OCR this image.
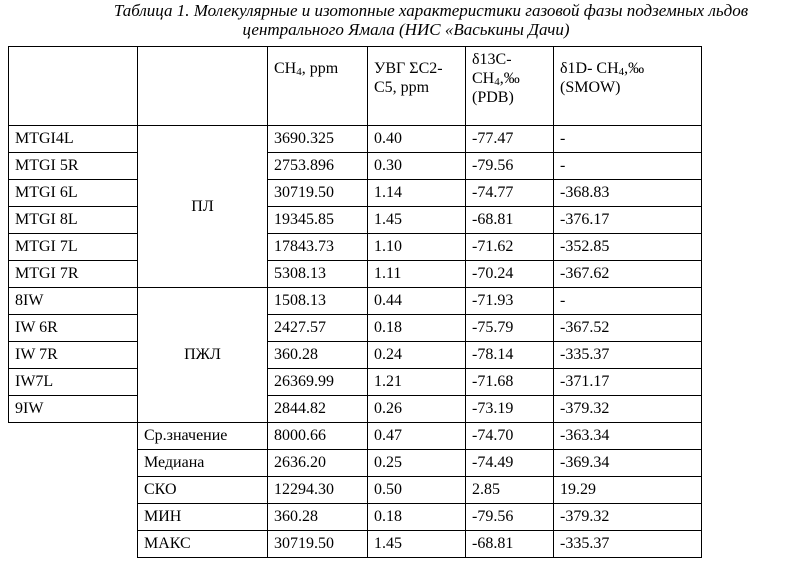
Таблица 1. Молекулярные и изотопные характеристики газовой фазы подземных льдов
центрального Ямала (НИС «Васькины Дачи)
		$CH_4$, ppm	УВГ ΣС2-С5, ppm	$\delta 13C-CH_4,‰$ (PDB)	δ1D- $CH_4,‰$ (SMOW)
MTGI4L	ПЛ	3690.325	0.40	-77.47	-
MTGI 5R		2753.896	0.30	-79.56	-
MTGI 6L		30719.50	1.14	-74.77	-368.83
MTGI 8L		19345.85	1.45	-68.81	-376.17
MTGI 7L		17843.73	1.10	-71.62	-352.85
MTGI 7R		5308.13	1.11	-70.24	-367.62
8IW	ПЖЛ	1508.13	0.44	-71.93	-
IW 6R		2427.57	0.18	-75.79	-367.52
IW 7R		360.28	0.24	-78.14	-335.37
IW7L		26369.99	1.21	-71.68	-371.17
9IW		2844.82	0.26	-73.19	-379.32
	Ср.значение	8000.66	0.47	-74.70	-363.34
	Медиана	2636.20	0.25	-74.49	-369.34
	СКО	12294.30	0.50	2.85	19.29
	МИН	360.28	0.18	-79.56	-379.32
	МАКС	30719.50	1.45	-68.81	-335.37
